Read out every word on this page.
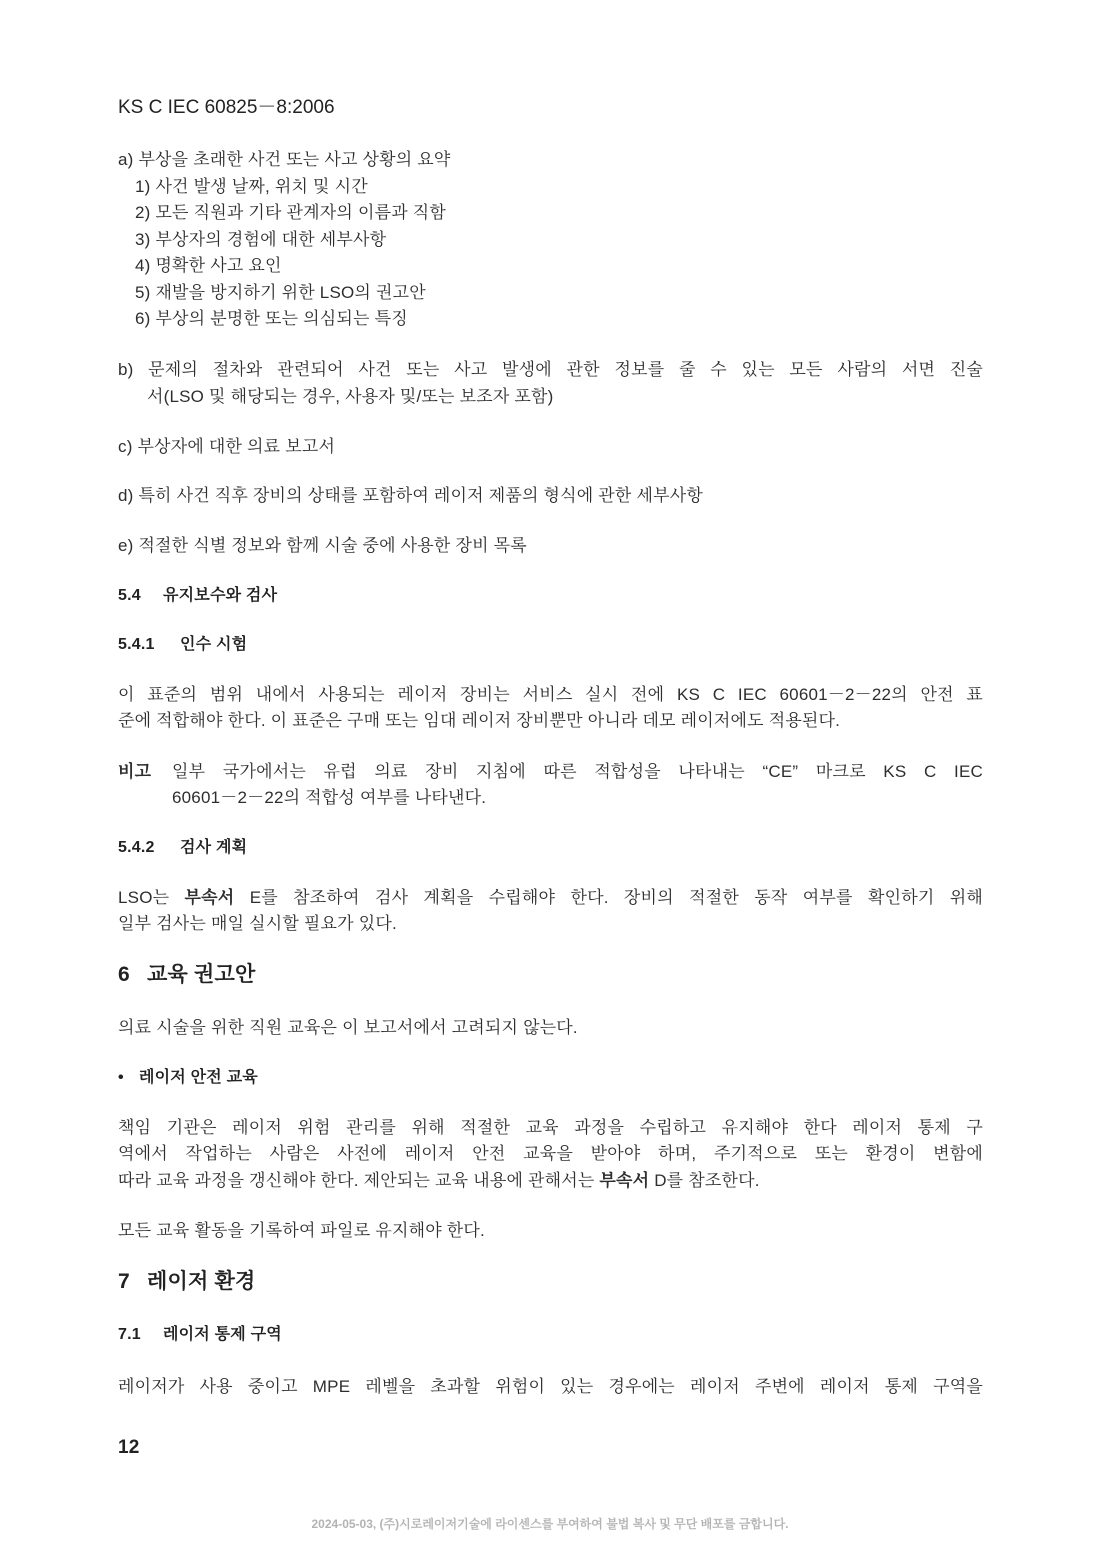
KS C IEC 60825－8:2006
a) 부상을 초래한 사건 또는 사고 상황의 요약
1) 사건 발생 날짜, 위치 및 시간
2) 모든 직원과 기타 관계자의 이름과 직함
3) 부상자의 경험에 대한 세부사항
4) 명확한 사고 요인
5) 재발을 방지하기 위한 LSO의 권고안
6) 부상의 분명한 또는 의심되는 특징
b) 문제의 절차와 관련되어 사건 또는 사고 발생에 관한 정보를 줄 수 있는 모든 사람의 서면 진술
서(LSO 및 해당되는 경우, 사용자 및/또는 보조자 포함)
c) 부상자에 대한 의료 보고서
d) 특히 사건 직후 장비의 상태를 포함하여 레이저 제품의 형식에 관한 세부사항
e) 적절한 식별 정보와 함께 시술 중에 사용한 장비 목록
5.4 유지보수와 검사
5.4.1 인수 시험
이 표준의 범위 내에서 사용되는 레이저 장비는 서비스 실시 전에 KS C IEC 60601－2－22의 안전 표
준에 적합해야 한다. 이 표준은 구매 또는 임대 레이저 장비뿐만 아니라 데모 레이저에도 적용된다.
비고	일부 국가에서는 유럽 의료 장비 지침에 따른 적합성을 나타내는 “CE” 마크로 KS C IEC
60601－2－22의 적합성 여부를 나타낸다.
5.4.2 검사 계획
LSO는 부속서 E를 참조하여 검사 계획을 수립해야 한다. 장비의 적절한 동작 여부를 확인하기 위해
일부 검사는 매일 실시할 필요가 있다.
6 교육 권고안
의료 시술을 위한 직원 교육은 이 보고서에서 고려되지 않는다.
• 레이저 안전 교육
책임 기관은 레이저 위험 관리를 위해 적절한 교육 과정을 수립하고 유지해야 한다 레이저 통제 구
역에서 작업하는 사람은 사전에 레이저 안전 교육을 받아야 하며, 주기적으로 또는 환경이 변함에
따라 교육 과정을 갱신해야 한다. 제안되는 교육 내용에 관해서는 부속서 D를 참조한다.
모든 교육 활동을 기록하여 파일로 유지해야 한다.
7 레이저 환경
7.1 레이저 통제 구역
레이저가 사용 중이고 MPE 레벨을 초과할 위험이 있는 경우에는 레이저 주변에 레이저 통제 구역을
12
2024-05-03, (주)시로레이저기술에 라이센스를 부여하여 불법 복사 및 무단 배포를 금합니다.
